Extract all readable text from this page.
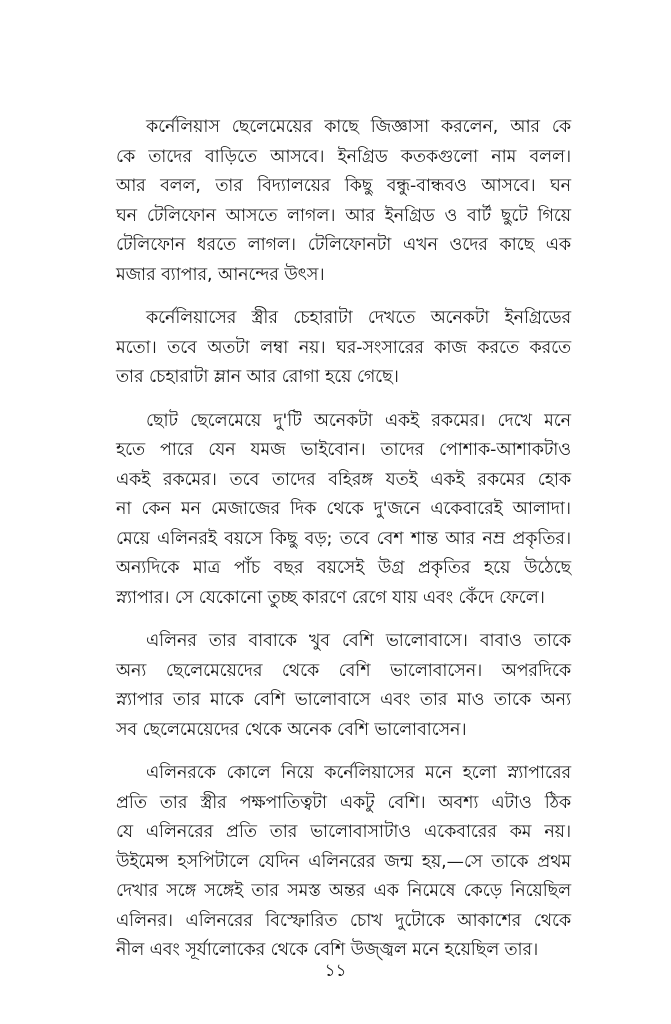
কর্নেলিয়াস ছেলেমেয়ের কাছে জিজ্ঞাসা করলেন, আর কে
কে তাদের বাড়িতে আসবে। ইনগ্রিড কতকগুলো নাম বলল।
আর বলল, তার বিদ্যালয়ের কিছু বন্ধু-বান্ধবও আসবে। ঘন
ঘন টেলিফোন আসতে লাগল। আর ইনগ্রিড ও বার্ট ছুটে গিয়ে
টেলিফোন ধরতে লাগল। টেলিফোনটা এখন ওদের কাছে এক
মজার ব্যাপার, আনন্দের উৎস।

কর্নেলিয়াসের স্ত্রীর চেহারাটা দেখতে অনেকটা ইনগ্রিডের
মতো। তবে অতটা লম্বা নয়। ঘর-সংসারের কাজ করতে করতে
তার চেহারাটা ম্লান আর রোগা হয়ে গেছে।

ছোট ছেলেমেয়ে দু'টি অনেকটা একই রকমের। দেখে মনে
হতে পারে যেন যমজ ভাইবোন। তাদের পোশাক-আশাকটাও
একই রকমের। তবে তাদের বহিরঙ্গ যতই একই রকমের হোক
না কেন মন মেজাজের দিক থেকে দু'জনে একেবারেই আলাদা।
মেয়ে এলিনরই বয়সে কিছু বড়; তবে বেশ শান্ত আর নম্র প্রকৃতির।
অন্যদিকে মাত্র পাঁচ বছর বয়সেই উগ্র প্রকৃতির হয়ে উঠেছে
স্ন্যাপার। সে যেকোনো তুচ্ছ কারণে রেগে যায় এবং কেঁদে ফেলে।

এলিনর তার বাবাকে খুব বেশি ভালোবাসে। বাবাও তাকে
অন্য ছেলেমেয়েদের থেকে বেশি ভালোবাসেন। অপরদিকে
স্ন্যাপার তার মাকে বেশি ভালোবাসে এবং তার মাও তাকে অন্য
সব ছেলেমেয়েদের থেকে অনেক বেশি ভালোবাসেন।

এলিনরকে কোলে নিয়ে কর্নেলিয়াসের মনে হলো স্ন্যাপারের
প্রতি তার স্ত্রীর পক্ষপাতিত্বটা একটু বেশি। অবশ্য এটাও ঠিক
যে এলিনরের প্রতি তার ভালোবাসাটাও একেবারের কম নয়।
উইমেন্স হসপিটালে যেদিন এলিনরের জন্ম হয়,—সে তাকে প্রথম
দেখার সঙ্গে সঙ্গেই তার সমস্ত অন্তর এক নিমেষে কেড়ে নিয়েছিল
এলিনর। এলিনরের বিস্ফোরিত চোখ দুটোকে আকাশের থেকে
নীল এবং সূর্যালোকের থেকে বেশি উজ্জ্বল মনে হয়েছিল তার।

১১
